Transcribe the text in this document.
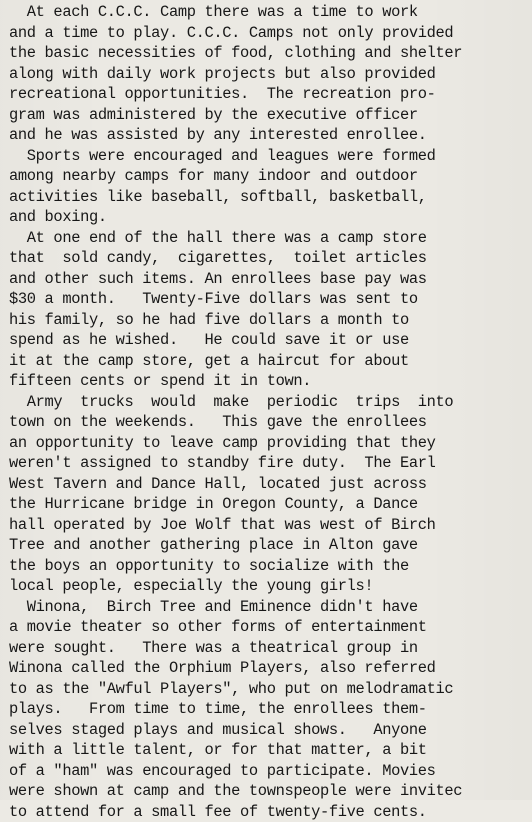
At each C.C.C. Camp there was a time to work
and a time to play. C.C.C. Camps not only provided
the basic necessities of food, clothing and shelter
along with daily work projects but also provided
recreational opportunities.  The recreation pro-
gram was administered by the executive officer
and he was assisted by any interested enrollee.
Sports were encouraged and leagues were formed
among nearby camps for many indoor and outdoor
activities like baseball, softball, basketball,
and boxing.
At one end of the hall there was a camp store
that  sold candy,  cigarettes,  toilet articles
and other such items. An enrollees base pay was
$30 a month.   Twenty-Five dollars was sent to
his family, so he had five dollars a month to
spend as he wished.   He could save it or use
it at the camp store, get a haircut for about
fifteen cents or spend it in town.
Army  trucks  would  make  periodic  trips  into
town on the weekends.   This gave the enrollees
an opportunity to leave camp providing that they
weren't assigned to standby fire duty.  The Earl
West Tavern and Dance Hall, located just across
the Hurricane bridge in Oregon County, a Dance
hall operated by Joe Wolf that was west of Birch
Tree and another gathering place in Alton gave
the boys an opportunity to socialize with the
local people, especially the young girls!
Winona,  Birch Tree and Eminence didn't have
a movie theater so other forms of entertainment
were sought.   There was a theatrical group in
Winona called the Orphium Players, also referred
to as the "Awful Players", who put on melodramatic
plays.   From time to time, the enrollees them-
selves staged plays and musical shows.   Anyone
with a little talent, or for that matter, a bit
of a "ham" was encouraged to participate. Movies
were shown at camp and the townspeople were invitec
to attend for a small fee of twenty-five cents.
